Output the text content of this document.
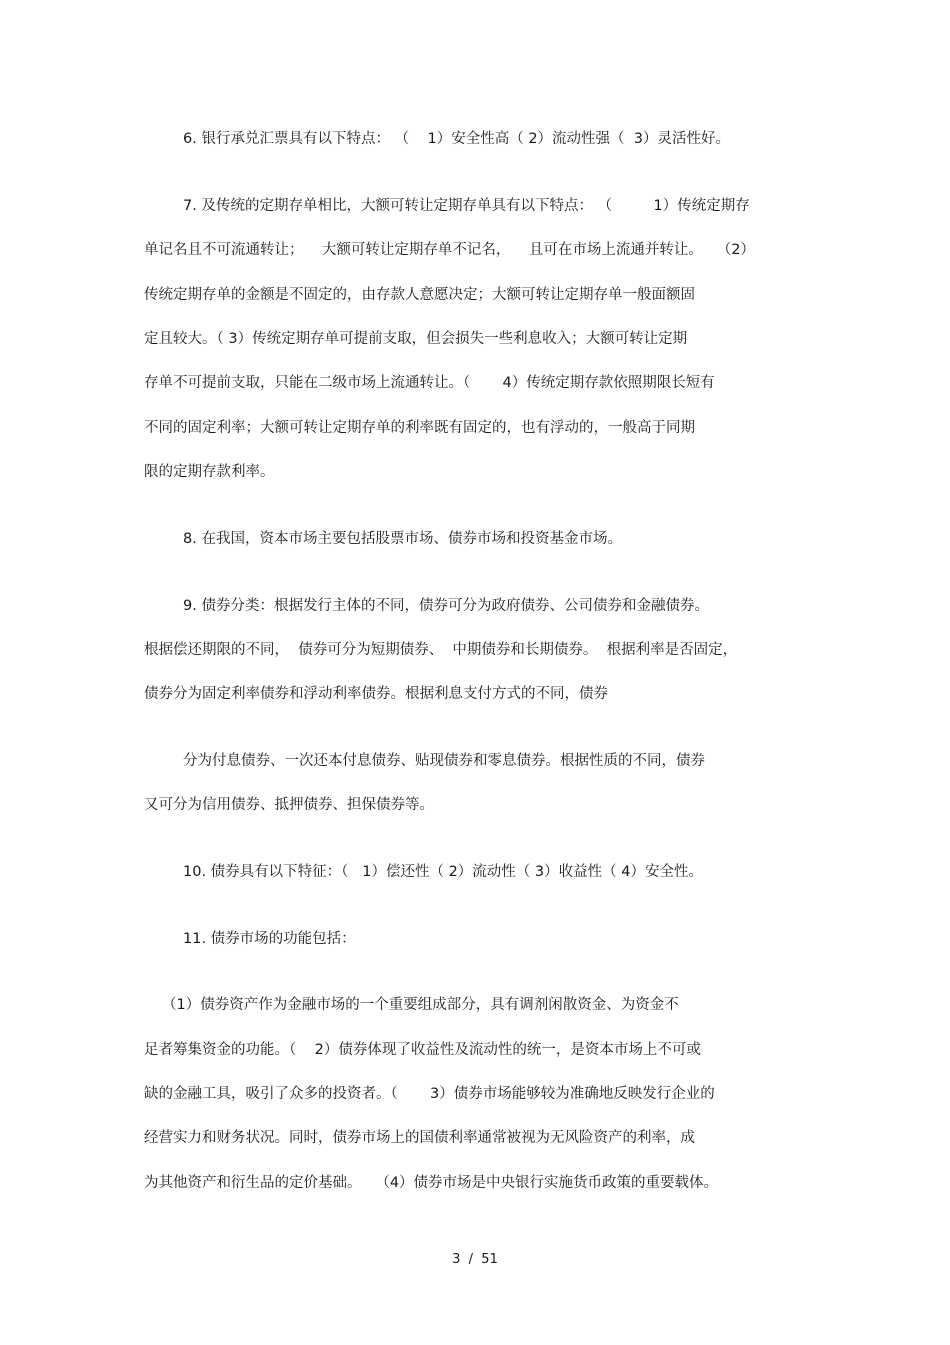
6. 银行承兑汇票具有以下特点： （    1）安全性高（ 2）流动性强（  3）灵活性好。
7. 及传统的定期存单相比，大额可转让定期存单具有以下特点： （         1）传统定期存
单记名且不可流通转让；    大额可转让定期存单不记名，    且可在市场上流通并转让。   （2）
传统定期存单的金额是不固定的，由存款人意愿决定；大额可转让定期存单一般面额固
定且较大。（ 3）传统定期存单可提前支取，但会损失一些利息收入；大额可转让定期
存单不可提前支取，只能在二级市场上流通转让。（       4）传统定期存款依照期限长短有
不同的固定利率；大额可转让定期存单的利率既有固定的，也有浮动的，一般高于同期
限的定期存款利率。
8. 在我国，资本市场主要包括股票市场、债券市场和投资基金市场。
9. 债券分类：根据发行主体的不同，债券可分为政府债券、公司债券和金融债券。
根据偿还期限的不同，  债券可分为短期债券、  中期债券和长期债券。  根据利率是否固定，
债券分为固定利率债券和浮动利率债券。根据利息支付方式的不同，债券
分为付息债券、一次还本付息债券、贴现债券和零息债券。根据性质的不同，债券
又可分为信用债券、抵押债券、担保债券等。
10. 债券具有以下特征：（   1）偿还性（ 2）流动性（ 3）收益性（ 4）安全性。
11. 债券市场的功能包括：
（1）债券资产作为金融市场的一个重要组成部分，具有调剂闲散资金、为资金不
足者筹集资金的功能。（    2）债券体现了收益性及流动性的统一，是资本市场上不可或
缺的金融工具，吸引了众多的投资者。（       3）债券市场能够较为准确地反映发行企业的
经营实力和财务状况。同时，债券市场上的国债利率通常被视为无风险资产的利率，成
为其他资产和衍生品的定价基础。   （4）债券市场是中央银行实施货币政策的重要载体。
3  /  51
